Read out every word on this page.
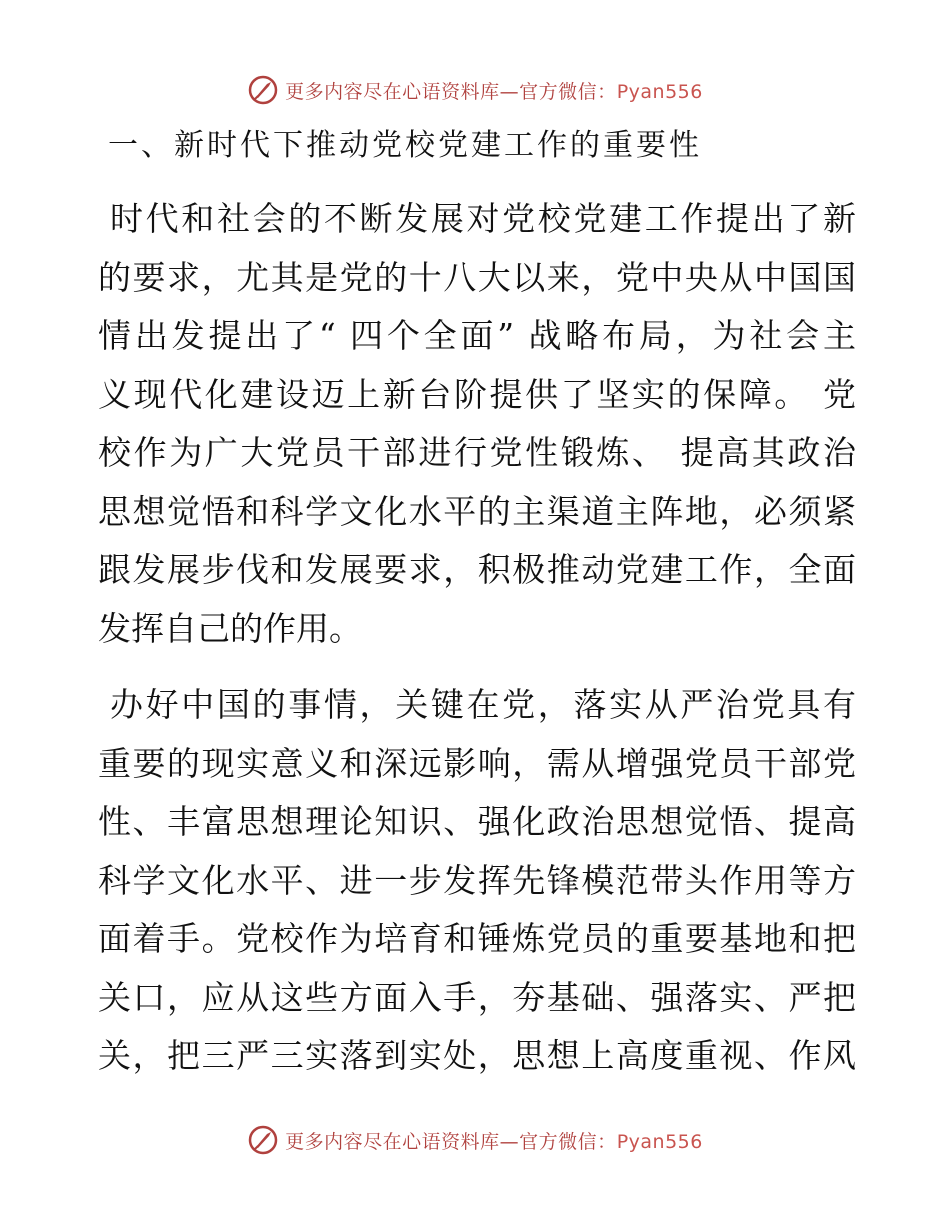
更多内容尽在心语资料库—官方微信：Pyan556
一、新时代下推动党校党建工作的重要性
时代和社会的不断发展对党校党建工作提出了新
的要求，尤其是党的十八大以来，党中央从中国国
情出发提出了“ 四个全面” 战略布局，为社会主
义现代化建设迈上新台阶提供了坚实的保障。 党
校作为广大党员干部进行党性锻炼、 提高其政治
思想觉悟和科学文化水平的主渠道主阵地，必须紧
跟发展步伐和发展要求，积极推动党建工作，全面
发挥自己的作用。
办好中国的事情，关键在党，落实从严治党具有
重要的现实意义和深远影响，需从增强党员干部党
性、丰富思想理论知识、强化政治思想觉悟、提高
科学文化水平、进一步发挥先锋模范带头作用等方
面着手。党校作为培育和锤炼党员的重要基地和把
关口，应从这些方面入手，夯基础、强落实、严把
关，把三严三实落到实处，思想上高度重视、作风
更多内容尽在心语资料库—官方微信：Pyan556
